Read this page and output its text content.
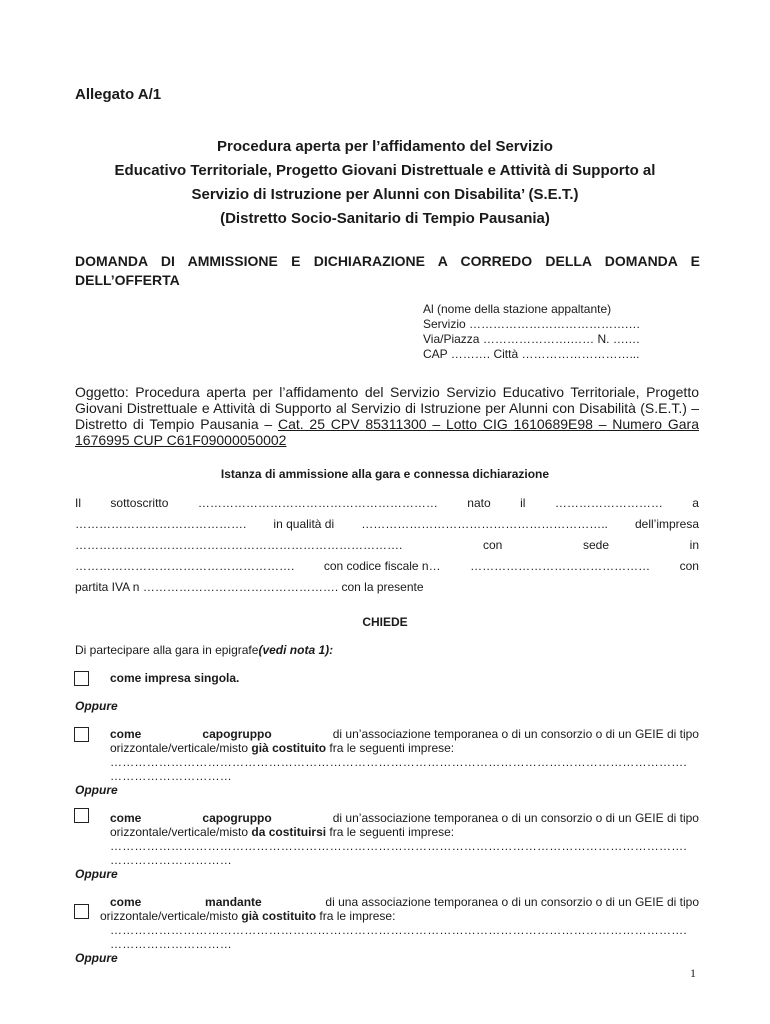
Allegato A/1

Procedura aperta per l’affidamento del Servizio

Educativo Territoriale, Progetto Giovani Distrettuale e Attività di Supporto al

Servizio di Istruzione per Alunni con Disabilita’ (S.E.T.)

(Distretto Socio-Sanitario di Tempio Pausania)

DOMANDA DI AMMISSIONE E DICHIARAZIONE A CORREDO DELLA DOMANDA E DELL’OFFERTA

Al (nome della stazione appaltante)

Servizio ………………………………….…

Via/Piazza ………………….…… N. ….…

CAP ………. Città ………………………...

Oggetto: Procedura aperta per l’affidamento del Servizio Servizio Educativo Territoriale, Progetto Giovani Distrettuale e Attività di Supporto al Servizio di Istruzione per Alunni con Disabilità (S.E.T.) – Distretto di Tempio Pausania – Cat. 25 CPV 85311300 – Lotto CIG 1610689E98 – Numero Gara 1676995 CUP C61F09000050002

Istanza di ammissione alla gara e connessa dichiarazione

Il sottoscritto …………………………………………………… nato il ……………………… a
……………………………………. in qualità di …………………………………………………….. dell’impresa
……………………………………………………………………….	con	sede	in
………………………………………………. con codice fiscale n… ……………………………………… con

partita IVA n …………………………………………. con la presente

CHIEDE

Di partecipare alla gara in epigrafe(vedi nota 1):

come impresa singola.

Oppure

come	capogruppo	di un’associazione temporanea o di un consorzio o di un GEIE di tipo
orizzontale/verticale/misto già costituito fra le seguenti imprese:
…………………………………………………………………………………………………………………………….
…………………………

Oppure

come	capogruppo	di un’associazione temporanea o di un consorzio o di un GEIE di tipo
orizzontale/verticale/misto da costituirsi fra le seguenti imprese:
…………………………………………………………………………………………………………………………….
…………………………

Oppure

come	mandante	di una associazione temporanea o di un consorzio o di un GEIE di tipo
orizzontale/verticale/misto già costituito fra le imprese:
…………………………………………………………………………………………………………………………….
…………………………

Oppure

1
